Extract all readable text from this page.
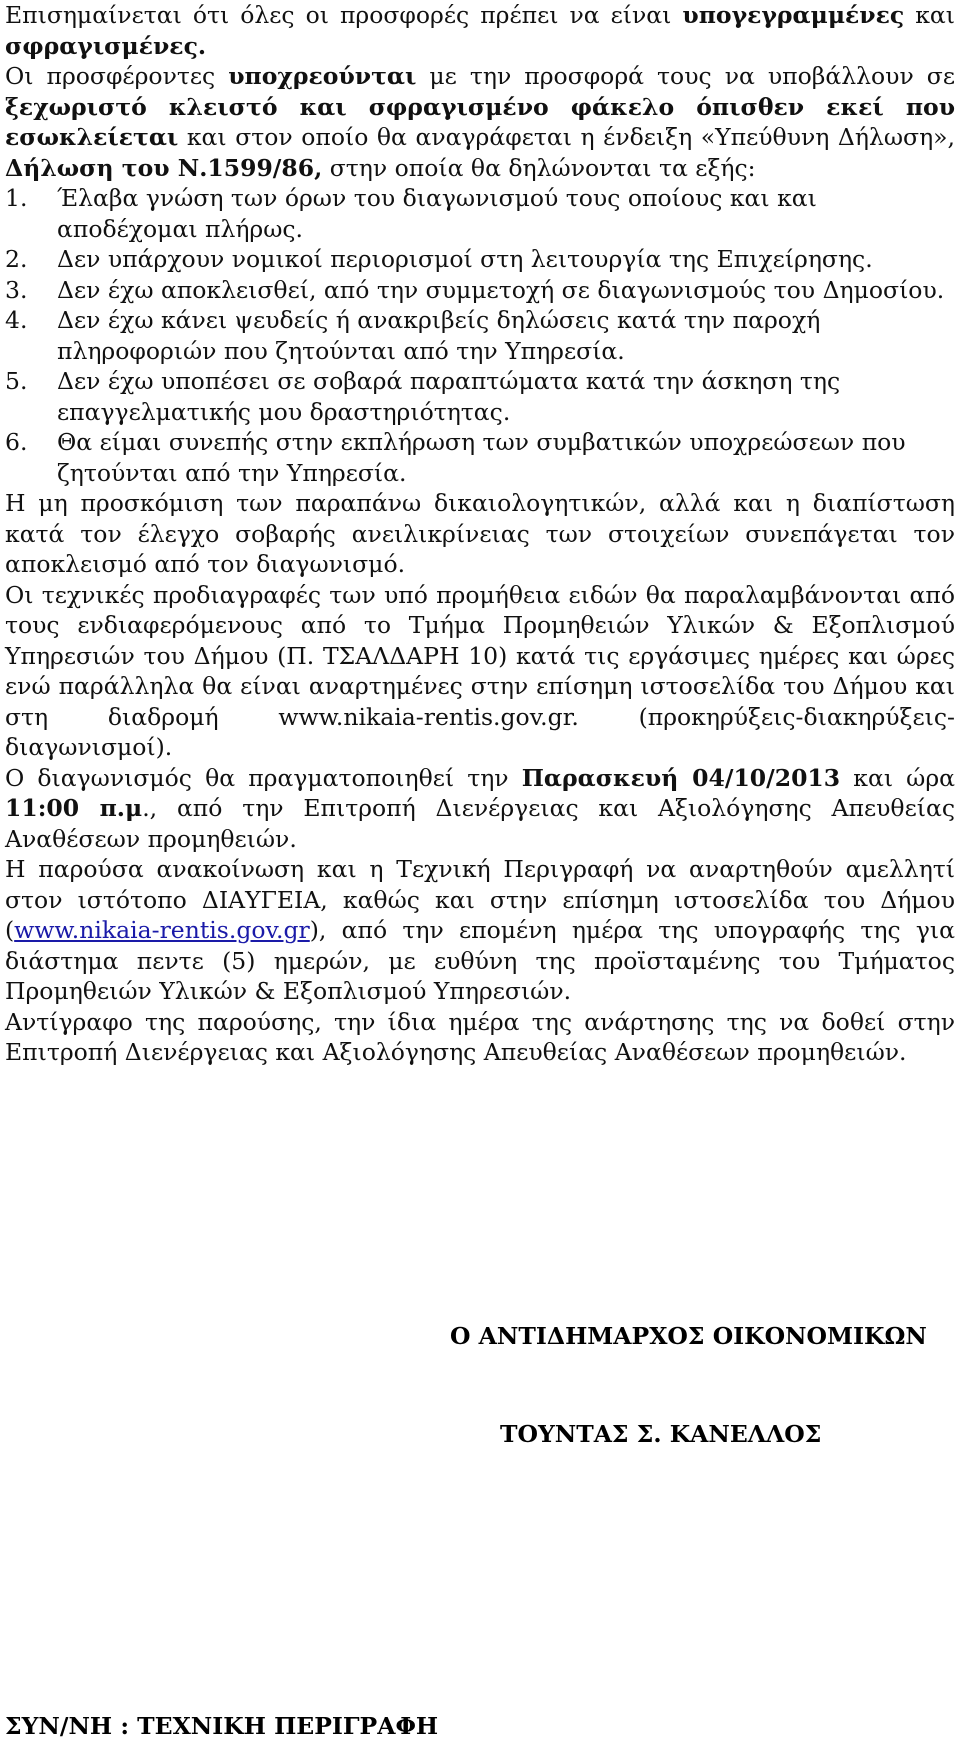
Επισημαίνεται ότι όλες οι προσφορές πρέπει να είναι υπογεγραμμένες και σφραγισμένες.

Οι προσφέροντες υποχρεούνται με την προσφορά τους να υποβάλλουν σε ξεχωριστό κλειστό και σφραγισμένο φάκελο όπισθεν εκεί που εσωκλείεται και στον οποίο θα αναγράφεται η ένδειξη «Υπεύθυνη Δήλωση», Δήλωση του Ν.1599/86, στην οποία θα δηλώνονται τα εξής:

1.	Έλαβα γνώση των όρων του διαγωνισμού τους οποίους και και αποδέχομαι πλήρως.
2.	Δεν υπάρχουν νομικοί περιορισμοί στη λειτουργία της Επιχείρησης.
3.	Δεν έχω αποκλεισθεί, από την συμμετοχή σε διαγωνισμούς του Δημοσίου.
4.	Δεν έχω κάνει ψευδείς ή ανακριβείς δηλώσεις κατά την παροχή πληροφοριών που ζητούνται από την Υπηρεσία.
5.	Δεν έχω υποπέσει σε σοβαρά παραπτώματα κατά την άσκηση της επαγγελματικής μου δραστηριότητας.
6.	Θα είμαι συνεπής στην εκπλήρωση των συμβατικών υποχρεώσεων που ζητούνται από την Υπηρεσία.

Η μη προσκόμιση των παραπάνω δικαιολογητικών, αλλά και η διαπίστωση κατά τον έλεγχο σοβαρής ανειλικρίνειας των στοιχείων συνεπάγεται τον αποκλεισμό από τον διαγωνισμό.

Οι τεχνικές προδιαγραφές των υπό προμήθεια ειδών θα παραλαμβάνονται από τους ενδιαφερόμενους από το Τμήμα Προμηθειών Υλικών & Εξοπλισμού Υπηρεσιών του Δήμου (Π. ΤΣΑΛΔΑΡΗ 10) κατά τις εργάσιμες ημέρες και ώρες ενώ παράλληλα θα είναι αναρτημένες στην επίσημη ιστοσελίδα του Δήμου και στη διαδρομή www.nikaia-rentis.gov.gr. (προκηρύξεις-διακηρύξεις-διαγωνισμοί).

Ο διαγωνισμός θα πραγματοποιηθεί την Παρασκευή 04/10/2013 και ώρα 11:00 π.μ., από την Επιτροπή Διενέργειας και Αξιολόγησης Απευθείας Αναθέσεων προμηθειών.

Η παρούσα ανακοίνωση και η Τεχνική Περιγραφή να αναρτηθούν αμελλητί στον ιστότοπο ΔΙΑΥΓΕΙΑ, καθώς και στην επίσημη ιστοσελίδα του Δήμου (www.nikaia-rentis.gov.gr), από την επομένη ημέρα της υπογραφής της για διάστημα πεντε (5) ημερών, με ευθύνη της προϊσταμένης του Τμήματος Προμηθειών Υλικών & Εξοπλισμού Υπηρεσιών.

Αντίγραφο της παρούσης, την ίδια ημέρα της ανάρτησης της να δοθεί στην Επιτροπή Διενέργειας και Αξιολόγησης Απευθείας Αναθέσεων προμηθειών.

Ο ΑΝΤΙΔΗΜΑΡΧΟΣ ΟΙΚΟΝΟΜΙΚΩΝ
ΤΟΥΝΤΑΣ Σ. ΚΑΝΕΛΛΟΣ
ΣΥΝ/ΝΗ : ΤΕΧΝΙΚΗ ΠΕΡΙΓΡΑΦΗ
